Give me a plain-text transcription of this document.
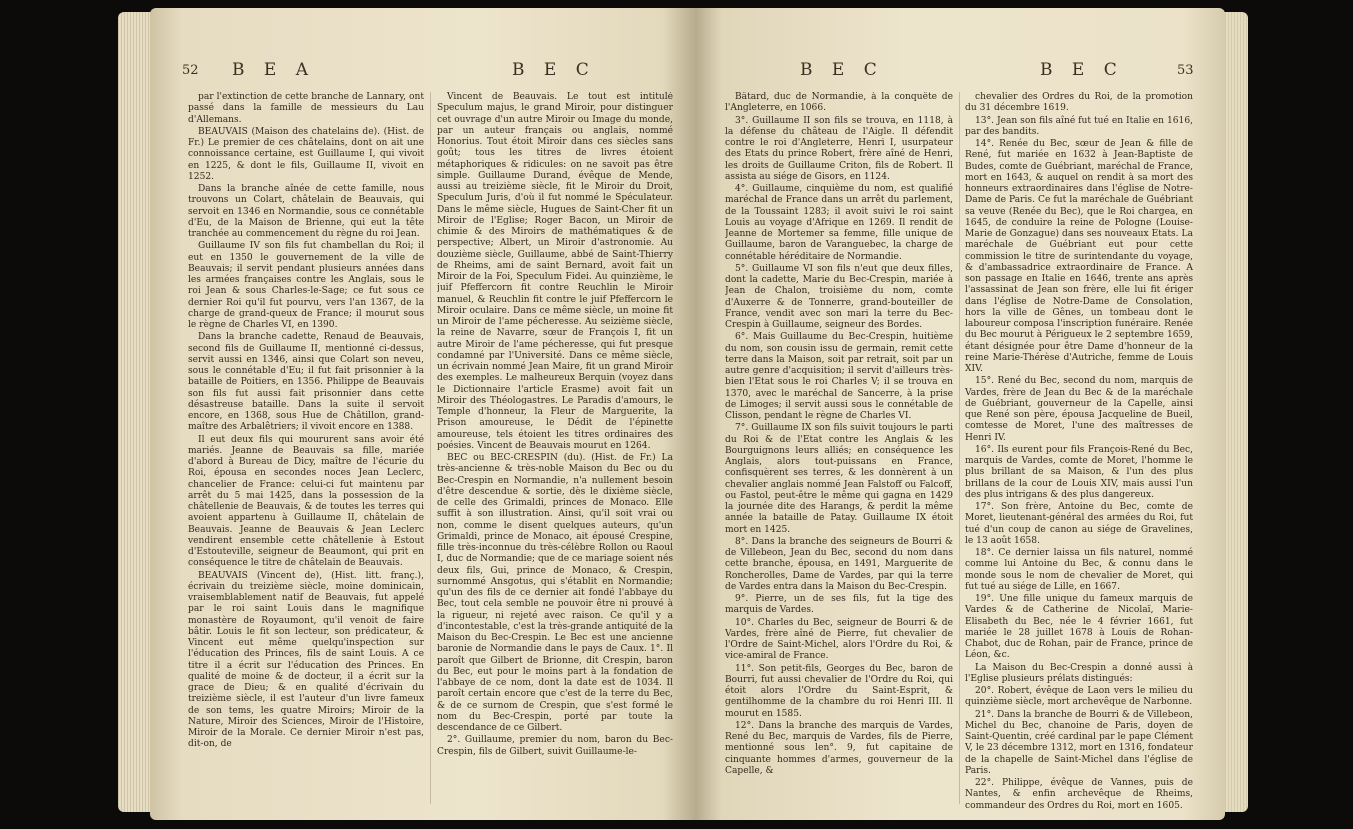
52 B E A	B E C

par l'extinction de cette branche de Lannary, ont passé dans la famille de messieurs du Lau d'Allemans.

BEAUVAIS (Maison des chatelains de). (Hist. de Fr.) Le premier de ces châtelains, dont on ait une connoissance certaine, est Guillaume I, qui vivoit en 1225, & dont le fils, Guillaume II, vivoit en 1252.

Dans la branche aînée de cette famille, nous trouvons un Colart, châtelain de Beauvais, qui servoit en 1346 en Normandie, sous ce connétable d'Eu, de la Maison de Brienne, qui eut la tête tranchée au commencement du règne du roi Jean.

Guillaume IV son fils fut chambellan du Roi; il eut en 1350 le gouvernement de la ville de Beauvais; il servit pendant plusieurs années dans les armées françaises contre les Anglais, sous le roi Jean & sous Charles-le-Sage; ce fut sous ce dernier Roi qu'il fut pourvu, vers l'an 1367, de la charge de grand-queux de France; il mourut sous le règne de Charles VI, en 1390.

Dans la branche cadette, Renaud de Beauvais, second fils de Guillaume II, mentionné ci-dessus, servit aussi en 1346, ainsi que Colart son neveu, sous le connétable d'Eu; il fut fait prisonnier à la bataille de Poitiers, en 1356. Philippe de Beauvais son fils fut aussi fait prisonnier dans cette désastreuse bataille. Dans la suite il servoit encore, en 1368, sous Hue de Châtillon, grand-maître des Arbalêtriers; il vivoit encore en 1388.

Il eut deux fils qui moururent sans avoir été mariés. Jeanne de Beauvais sa fille, mariée d'abord à Bureau de Dicy, maître de l'écurie du Roi, épousa en secondes noces Jean Leclerc, chancelier de France: celui-ci fut maintenu par arrêt du 5 mai 1425, dans la possession de la châtellenie de Beauvais, & de toutes les terres qui avoient appartenu à Guillaume II, châtelain de Beauvais. Jeanne de Beauvais & Jean Leclerc vendirent ensemble cette châtellenie à Estout d'Estouteville, seigneur de Beaumont, qui prit en conséquence le titre de châtelain de Beauvais.

BEAUVAIS (Vincent de), (Hist. litt. franç.), écrivain du treizième siècle, moine dominicain, vraisemblablement natif de Beauvais, fut appelé par le roi saint Louis dans le magnifique monastère de Royaumont, qu'il venoit de faire bâtir. Louis le fit son lecteur, son prédicateur, & Vincent eut même quelqu'inspection sur l'éducation des Princes, fils de saint Louis. A ce titre il a écrit sur l'éducation des Princes. En qualité de moine & de docteur, il a écrit sur la grace de Dieu; & en qualité d'écrivain du treizième siècle, il est l'auteur d'un livre fameux de son tems, les quatre Miroirs; Miroir de la Nature, Miroir des Sciences, Miroir de l'Histoire, Miroir de la Morale. Ce dernier Miroir n'est pas, dit-on, de

Vincent de Beauvais. Le tout est intitulé Speculum majus, le grand Miroir, pour distinguer cet ouvrage d'un autre Miroir ou Image du monde, par un auteur français ou anglais, nommé Honorius. Tout étoit Miroir dans ces siècles sans goût; tous les titres de livres étoient métaphoriques & ridicules: on ne savoit pas être simple. Guillaume Durand, évêque de Mende, aussi au treizième siècle, fit le Miroir du Droit, Speculum Juris, d'où il fut nommé le Spéculateur. Dans le même siècle, Hugues de Saint-Cher fit un Miroir de l'Eglise; Roger Bacon, un Miroir de chimie & des Miroirs de mathématiques & de perspective; Albert, un Miroir d'astronomie. Au douzième siècle, Guillaume, abbé de Saint-Thierry de Rheims, ami de saint Bernard, avoit fait un Miroir de la Foi, Speculum Fidei. Au quinzième, le juif Pfeffercorn fit contre Reuchlin le Miroir manuel, & Reuchlin fit contre le juif Pfeffercorn le Miroir oculaire. Dans ce même siècle, un moine fit un Miroir de l'ame pécheresse. Au seizième siècle, la reine de Navarre, sœur de François I, fit un autre Miroir de l'ame pécheresse, qui fut presque condamné par l'Université. Dans ce même siècle, un écrivain nommé Jean Maire, fit un grand Miroir des exemples. Le malheureux Berquin (voyez dans le Dictionnaire l'article Erasme) avoit fait un Miroir des Théologastres. Le Paradis d'amours, le Temple d'honneur, la Fleur de Marguerite, la Prison amoureuse, le Dédit de l'épinette amoureuse, tels étoient les titres ordinaires des poésies. Vincent de Beauvais mourut en 1264.

BEC ou BEC-CRESPIN (du). (Hist. de Fr.) La très-ancienne & très-noble Maison du Bec ou du Bec-Crespin en Normandie, n'a nullement besoin d'être descendue & sortie, dès le dixième siècle, de celle des Grimaldi, princes de Monaco. Elle suffit à son illustration. Ainsi, qu'il soit vrai ou non, comme le disent quelques auteurs, qu'un Grimaldi, prince de Monaco, ait épousé Crespine, fille très-inconnue du très-célèbre Rollon ou Raoul I, duc de Normandie; que de ce mariage soient nés deux fils, Gui, prince de Monaco, & Crespin, surnommé Ansgotus, qui s'établit en Normandie; qu'un des fils de ce dernier ait fondé l'abbaye du Bec, tout cela semble ne pouvoir être ni prouvé à la rigueur, ni rejeté avec raison. Ce qu'il y a d'incontestable, c'est la très-grande antiquité de la Maison du Bec-Crespin. Le Bec est une ancienne baronie de Normandie dans le pays de Caux. 1°. Il paroît que Gilbert de Brionne, dit Crespin, baron du Bec, eut pour le moins part à la fondation de l'abbaye de ce nom, dont la date est de 1034. Il paroît certain encore que c'est de la terre du Bec, & de ce surnom de Crespin, que s'est formé le nom du Bec-Crespin, porté par toute la descendance de ce Gilbert.

2°. Guillaume, premier du nom, baron du Bec-Crespin, fils de Gilbert, suivit Guillaume-le-

B E C	B E C	53

Bâtard, duc de Normandie, à la conquête de l'Angleterre, en 1066.

3°. Guillaume II son fils se trouva, en 1118, à la défense du château de l'Aigle. Il défendit contre le roi d'Angleterre, Henri I, usurpateur des Etats du prince Robert, frère aîné de Henri, les droits de Guillaume Criton, fils de Robert. Il assista au siége de Gisors, en 1124.

4°. Guillaume, cinquième du nom, est qualifié maréchal de France dans un arrêt du parlement, de la Toussaint 1283; il avoit suivi le roi saint Louis au voyage d'Afrique en 1269. Il rendit de Jeanne de Mortemer sa femme, fille unique de Guillaume, baron de Varanguebec, la charge de connétable héréditaire de Normandie.

5°. Guillaume VI son fils n'eut que deux filles, dont la cadette, Marie du Bec-Crespin, mariée à Jean de Chalon, troisième du nom, comte d'Auxerre & de Tonnerre, grand-bouteiller de France, vendit avec son mari la terre du Bec-Crespin à Guillaume, seigneur des Bordes.

6°. Mais Guillaume du Bec-Crespin, huitième du nom, son cousin issu de germain, remit cette terre dans la Maison, soit par retrait, soit par un autre genre d'acquisition; il servit d'ailleurs très-bien l'Etat sous le roi Charles V; il se trouva en 1370, avec le maréchal de Sancerre, à la prise de Limoges; il servit aussi sous le connétable de Clisson, pendant le règne de Charles VI.

7°. Guillaume IX son fils suivit toujours le parti du Roi & de l'Etat contre les Anglais & les Bourguignons leurs alliés; en conséquence les Anglais, alors tout-puissans en France, confisquèrent ses terres, & les donnèrent à un chevalier anglais nommé Jean Falstoff ou Falcoff, ou Fastol, peut-être le même qui gagna en 1429 la journée dite des Harangs, & perdit la même année la bataille de Patay. Guillaume IX étoit mort en 1425.

8°. Dans la branche des seigneurs de Bourri & de Villebeon, Jean du Bec, second du nom dans cette branche, épousa, en 1491, Marguerite de Roncherolles, Dame de Vardes, par qui la terre de Vardes entra dans la Maison du Bec-Crespin.

9°. Pierre, un de ses fils, fut la tige des marquis de Vardes.

10°. Charles du Bec, seigneur de Bourri & de Vardes, frère aîné de Pierre, fut chevalier de l'Ordre de Saint-Michel, alors l'Ordre du Roi, & vice-amiral de France.

11°. Son petit-fils, Georges du Bec, baron de Bourri, fut aussi chevalier de l'Ordre du Roi, qui étoit alors l'Ordre du Saint-Esprit, & gentilhomme de la chambre du roi Henri III. Il mourut en 1585.

12°. Dans la branche des marquis de Vardes, René du Bec, marquis de Vardes, fils de Pierre, mentionné sous len°. 9, fut capitaine de cinquante hommes d'armes, gouverneur de la Capelle, &

chevalier des Ordres du Roi, de la promotion du 31 décembre 1619.

13°. Jean son fils aîné fut tué en Italie en 1616, par des bandits.

14°. Renée du Bec, sœur de Jean & fille de René, fut mariée en 1632 à Jean-Baptiste de Budes, comte de Guébriant, maréchal de France, mort en 1643, & auquel on rendit à sa mort des honneurs extraordinaires dans l'église de Notre-Dame de Paris. Ce fut la maréchale de Guébriant sa veuve (Renée du Bec), que le Roi chargea, en 1645, de conduire la reine de Pologne (Louise-Marie de Gonzague) dans ses nouveaux Etats. La maréchale de Guébriant eut pour cette commission le titre de surintendante du voyage, & d'ambassadrice extraordinaire de France. A son passage en Italie en 1646, trente ans après l'assassinat de Jean son frère, elle lui fit ériger dans l'église de Notre-Dame de Consolation, hors la ville de Gênes, un tombeau dont le laboureur composa l'inscription funéraire. Renée du Bec mourut à Périgueux le 2 septembre 1659, étant désignée pour être Dame d'honneur de la reine Marie-Thérèse d'Autriche, femme de Louis XIV.

15°. René du Bec, second du nom, marquis de Vardes, frère de Jean du Bec & de la maréchale de Guébriant, gouverneur de la Capelle, ainsi que René son père, épousa Jacqueline de Bueil, comtesse de Moret, l'une des maîtresses de Henri IV.

16°. Ils eurent pour fils François-René du Bec, marquis de Vardes, comte de Moret, l'homme le plus brillant de sa Maison, & l'un des plus brillans de la cour de Louis XIV, mais aussi l'un des plus intrigans & des plus dangereux.

17°. Son frère, Antoine du Bec, comte de Moret, lieutenant-général des armées du Roi, fut tué d'un coup de canon au siége de Gravelines, le 13 août 1658.

18°. Ce dernier laissa un fils naturel, nommé comme lui Antoine du Bec, & connu dans le monde sous le nom de chevalier de Moret, qui fut tué au siége de Lille, en 1667.

19°. Une fille unique du fameux marquis de Vardes & de Catherine de Nicolaï, Marie-Elisabeth du Bec, née le 4 février 1661, fut mariée le 28 juillet 1678 à Louis de Rohan-Chabot, duc de Rohan, pair de France, prince de Léon, &c.

La Maison du Bec-Crespin a donné aussi à l'Eglise plusieurs prélats distingués:

20°. Robert, évêque de Laon vers le milieu du quinzième siècle, mort archevêque de Narbonne.

21°. Dans la branche de Bourri & de Villebeon, Michel du Bec, chanoine de Paris, doyen de Saint-Quentin, créé cardinal par le pape Clément V, le 23 décembre 1312, mort en 1316, fondateur de la chapelle de Saint-Michel dans l'église de Paris.

22°. Philippe, évêque de Vannes, puis de Nantes, & enfin archevêque de Rheims, commandeur des Ordres du Roi, mort en 1605.
